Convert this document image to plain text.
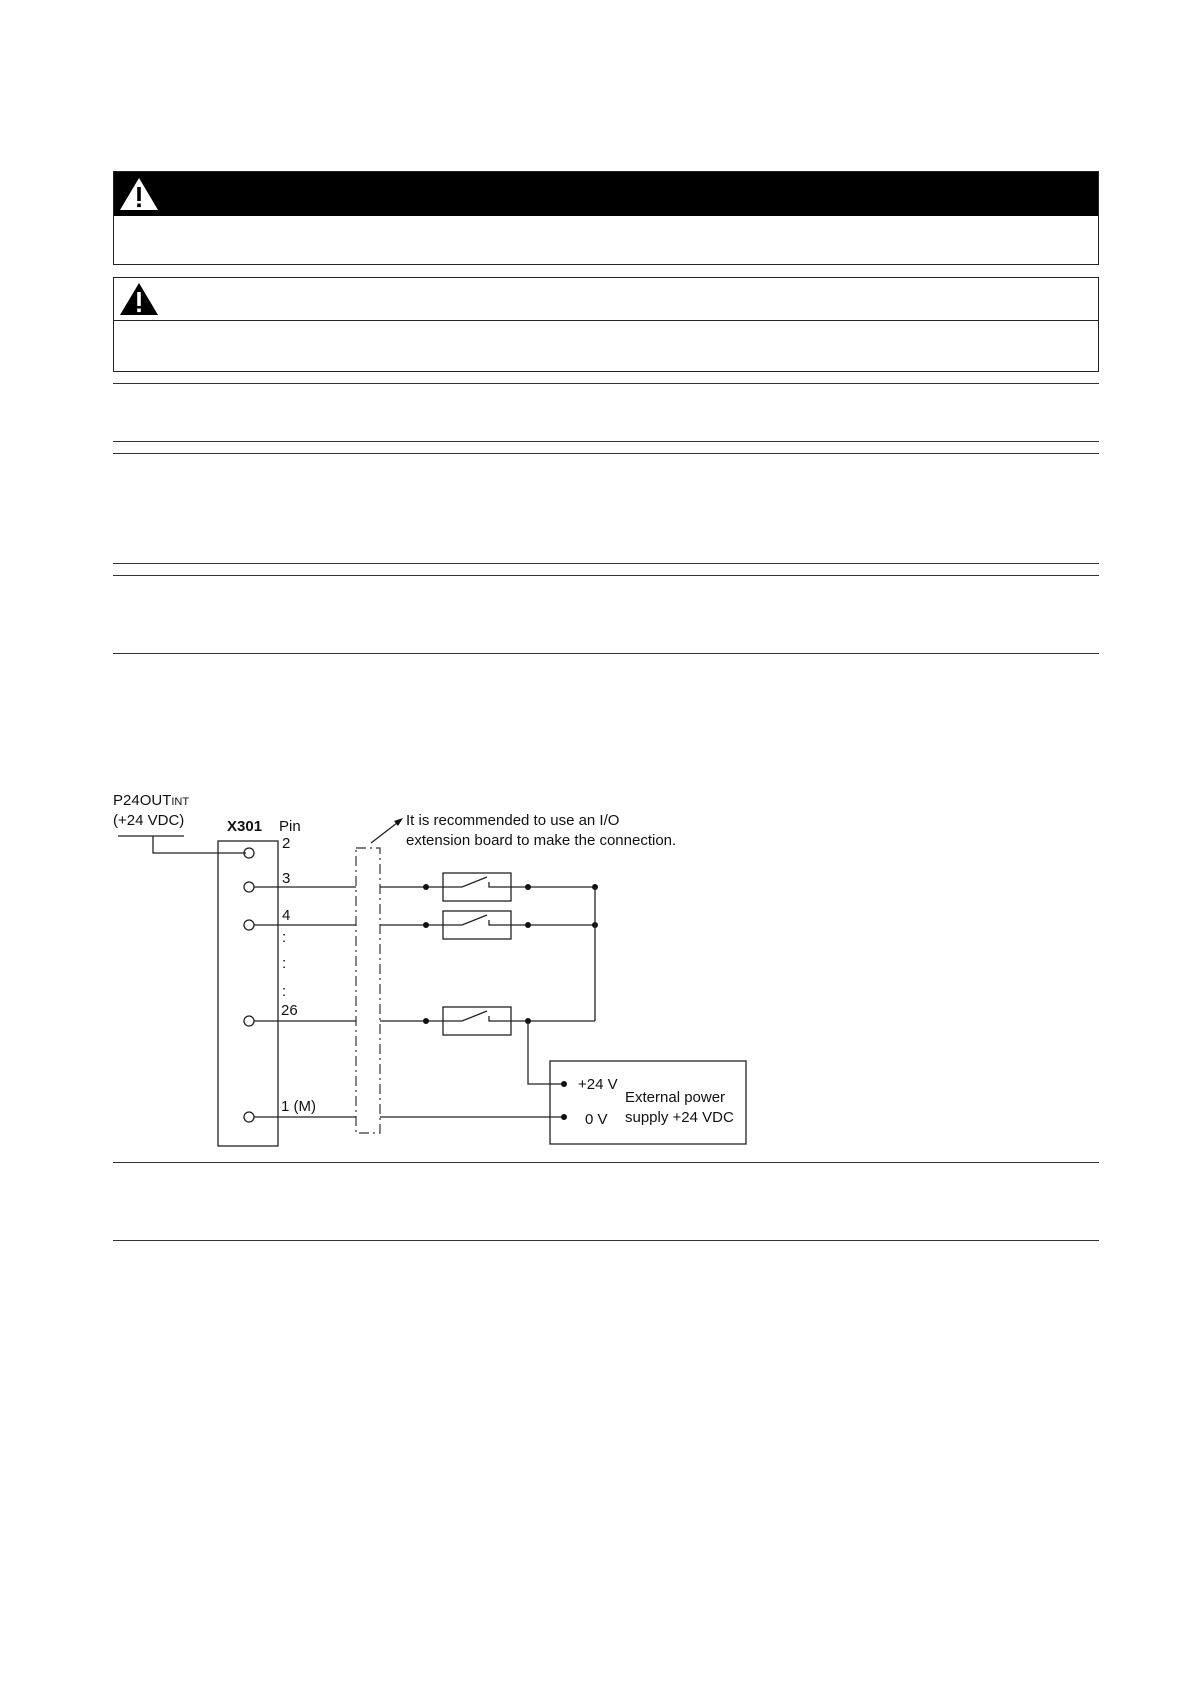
P24OUTINT
(+24 VDC)	X301 Pin
2
3
4
:
:
:
26
1 (M)
It is recommended to use an I/O
extension board to make the connection.
+24 V
0 V
External power
supply +24 VDC
